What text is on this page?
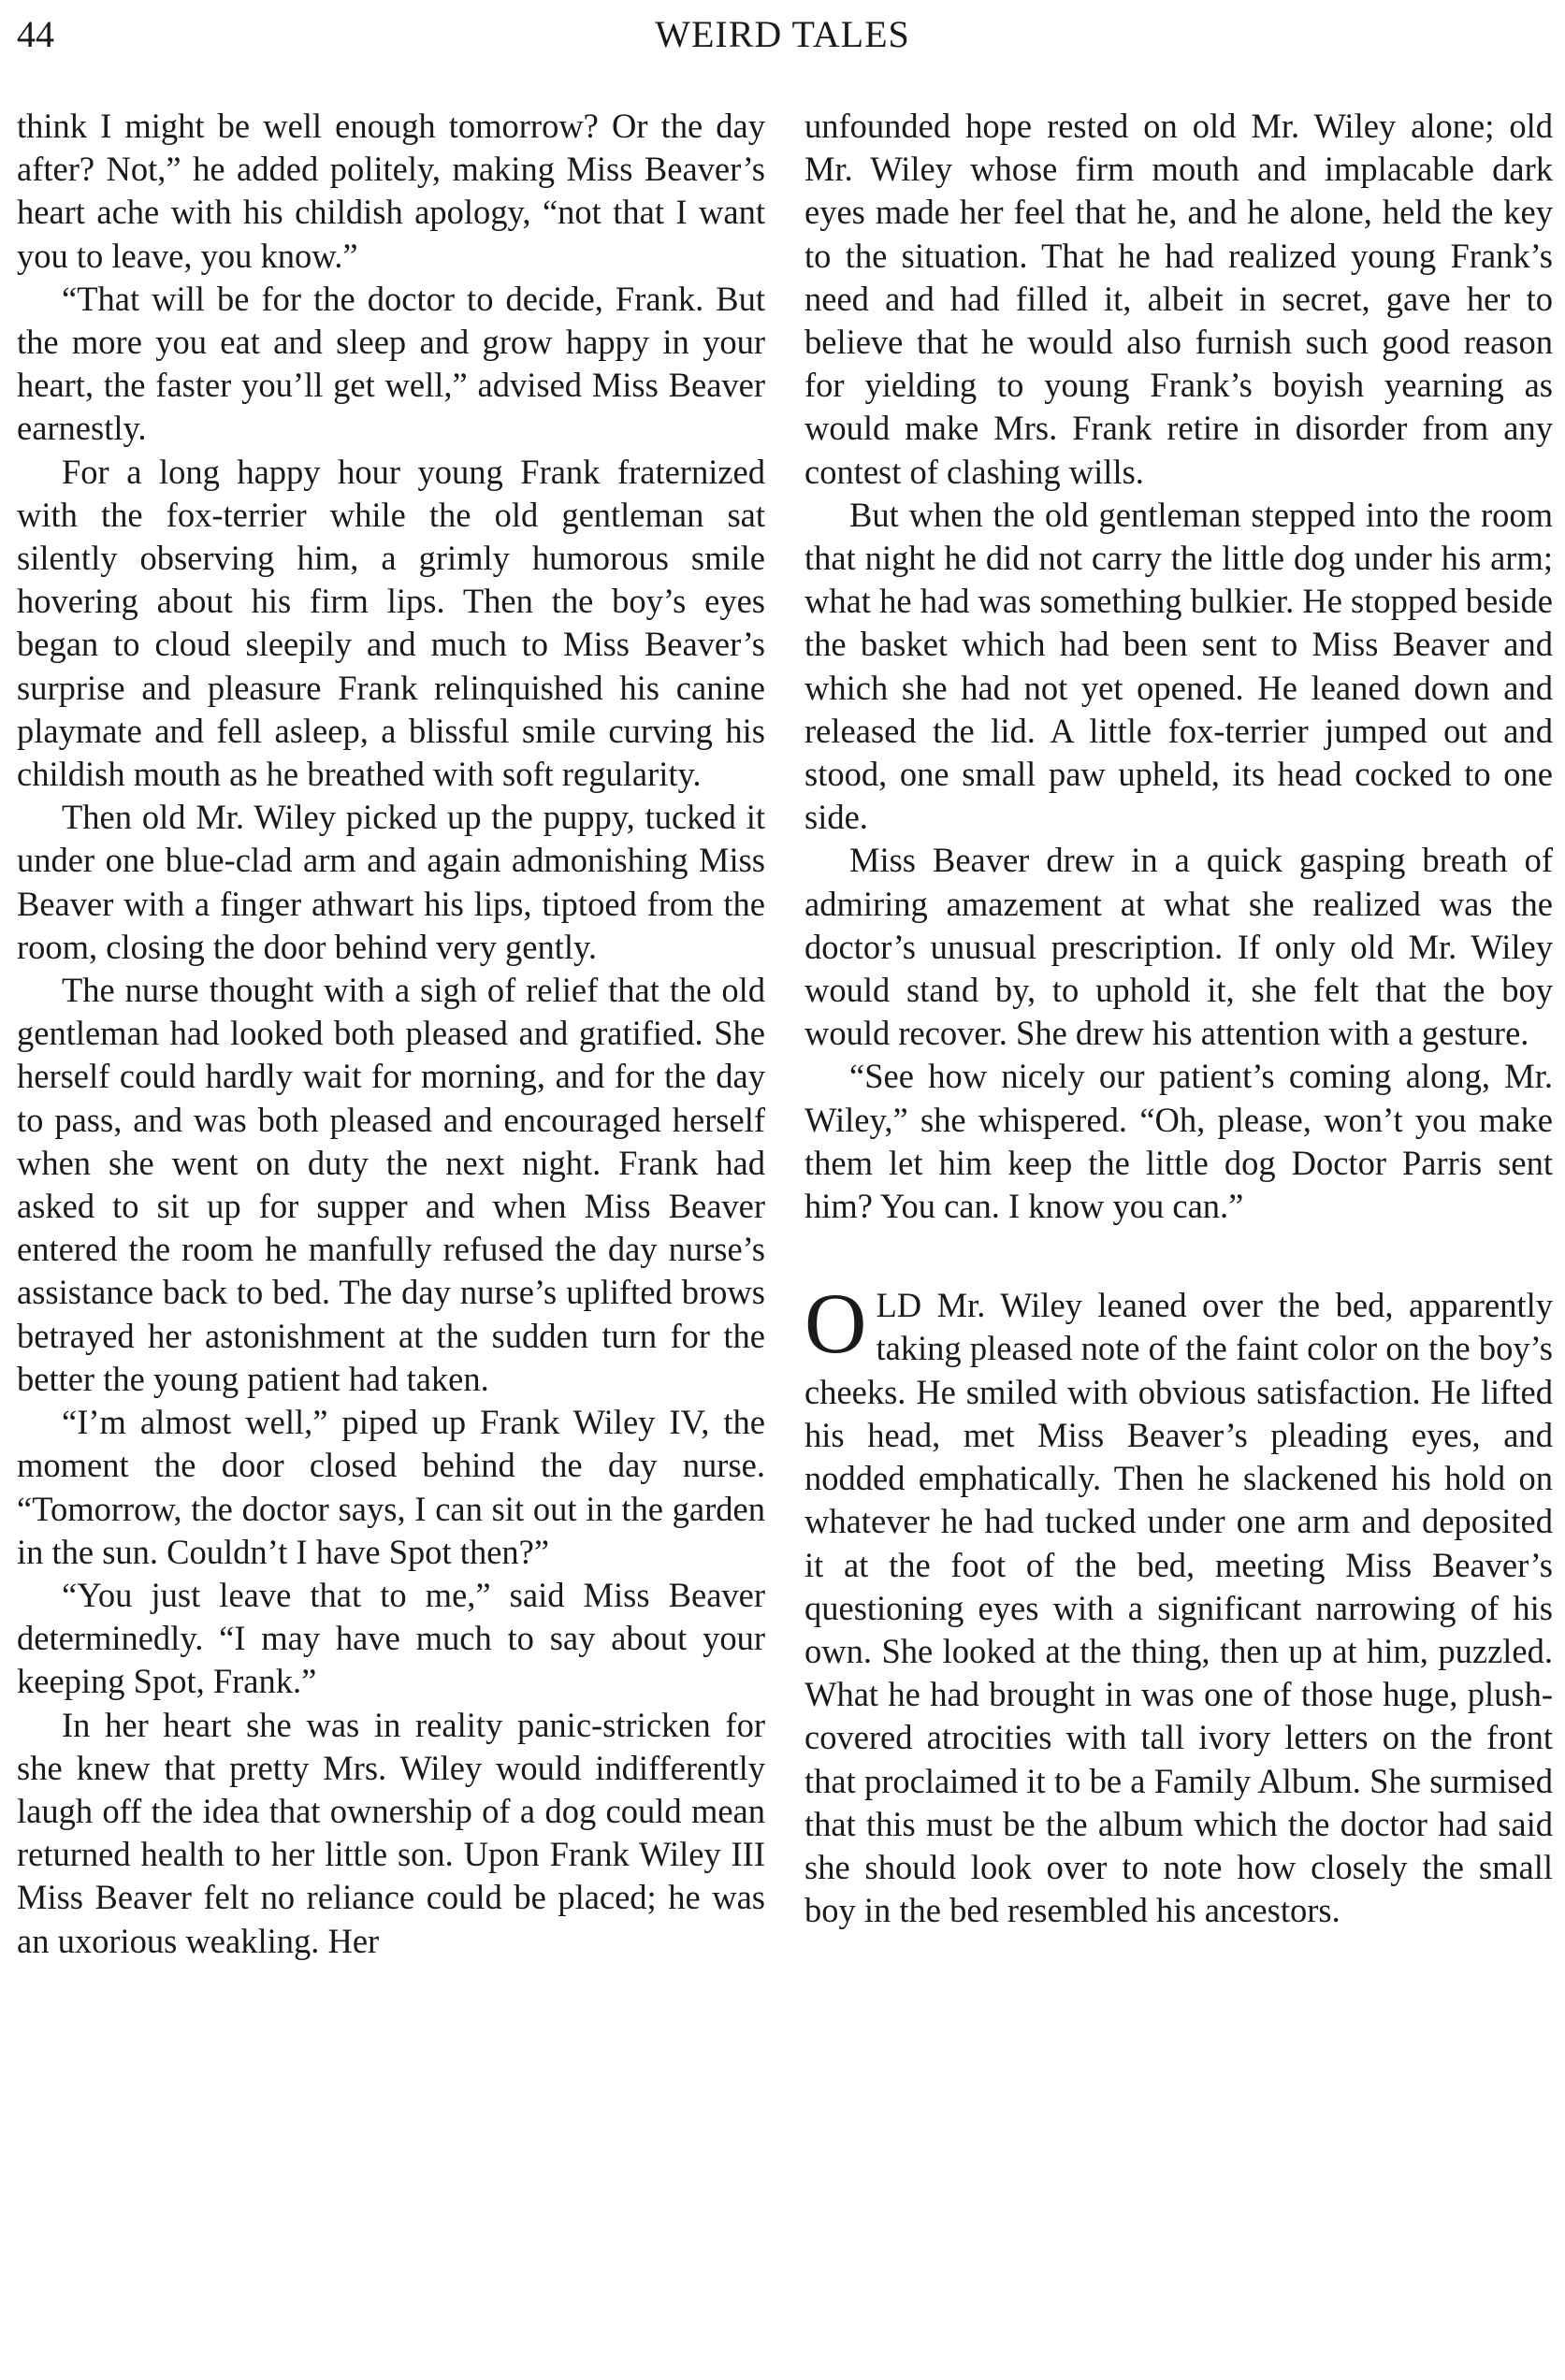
44	WEIRD TALES

think I might be well enough tomorrow? Or the day after? Not,” he added politely, making Miss Beaver’s heart ache with his childish apology, “not that I want you to leave, you know.”

“That will be for the doctor to decide, Frank. But the more you eat and sleep and grow happy in your heart, the faster you’ll get well,” advised Miss Beaver earnestly.

For a long happy hour young Frank fraternized with the fox-terrier while the old gentleman sat silently observing him, a grimly humorous smile hovering about his firm lips. Then the boy’s eyes began to cloud sleepily and much to Miss Beaver’s surprise and pleasure Frank relinquished his canine playmate and fell asleep, a blissful smile curving his childish mouth as he breathed with soft regularity.

Then old Mr. Wiley picked up the puppy, tucked it under one blue-clad arm and again admonishing Miss Beaver with a finger athwart his lips, tiptoed from the room, closing the door behind very gently.

The nurse thought with a sigh of relief that the old gentleman had looked both pleased and gratified. She herself could hardly wait for morning, and for the day to pass, and was both pleased and encouraged herself when she went on duty the next night. Frank had asked to sit up for supper and when Miss Beaver entered the room he manfully refused the day nurse’s assistance back to bed. The day nurse’s uplifted brows betrayed her astonishment at the sudden turn for the better the young patient had taken.

“I’m almost well,” piped up Frank Wiley IV, the moment the door closed behind the day nurse. “Tomorrow, the doctor says, I can sit out in the garden in the sun. Couldn’t I have Spot then?”

“You just leave that to me,” said Miss Beaver determinedly. “I may have much to say about your keeping Spot, Frank.”

In her heart she was in reality panic-stricken for she knew that pretty Mrs. Wiley would indifferently laugh off the idea that ownership of a dog could mean returned health to her little son. Upon Frank Wiley III Miss Beaver felt no reliance could be placed; he was an uxorious weakling. Her

unfounded hope rested on old Mr. Wiley alone; old Mr. Wiley whose firm mouth and implacable dark eyes made her feel that he, and he alone, held the key to the situation. That he had realized young Frank’s need and had filled it, albeit in secret, gave her to believe that he would also furnish such good reason for yielding to young Frank’s boyish yearning as would make Mrs. Frank retire in disorder from any contest of clashing wills.

But when the old gentleman stepped into the room that night he did not carry the little dog under his arm; what he had was something bulkier. He stopped beside the basket which had been sent to Miss Beaver and which she had not yet opened. He leaned down and released the lid. A little fox-terrier jumped out and stood, one small paw upheld, its head cocked to one side.

Miss Beaver drew in a quick gasping breath of admiring amazement at what she realized was the doctor’s unusual prescription. If only old Mr. Wiley would stand by, to uphold it, she felt that the boy would recover. She drew his attention with a gesture.

“See how nicely our patient’s coming along, Mr. Wiley,” she whispered. “Oh, please, won’t you make them let him keep the little dog Doctor Parris sent him? You can. I know you can.”

OLD Mr. Wiley leaned over the bed, apparently taking pleased note of the faint color on the boy’s cheeks. He smiled with obvious satisfaction. He lifted his head, met Miss Beaver’s pleading eyes, and nodded emphatically. Then he slackened his hold on whatever he had tucked under one arm and deposited it at the foot of the bed, meeting Miss Beaver’s questioning eyes with a significant narrowing of his own. She looked at the thing, then up at him, puzzled. What he had brought in was one of those huge, plush-covered atrocities with tall ivory letters on the front that proclaimed it to be a Family Album. She surmised that this must be the album which the doctor had said she should look over to note how closely the small boy in the bed resembled his ancestors.
